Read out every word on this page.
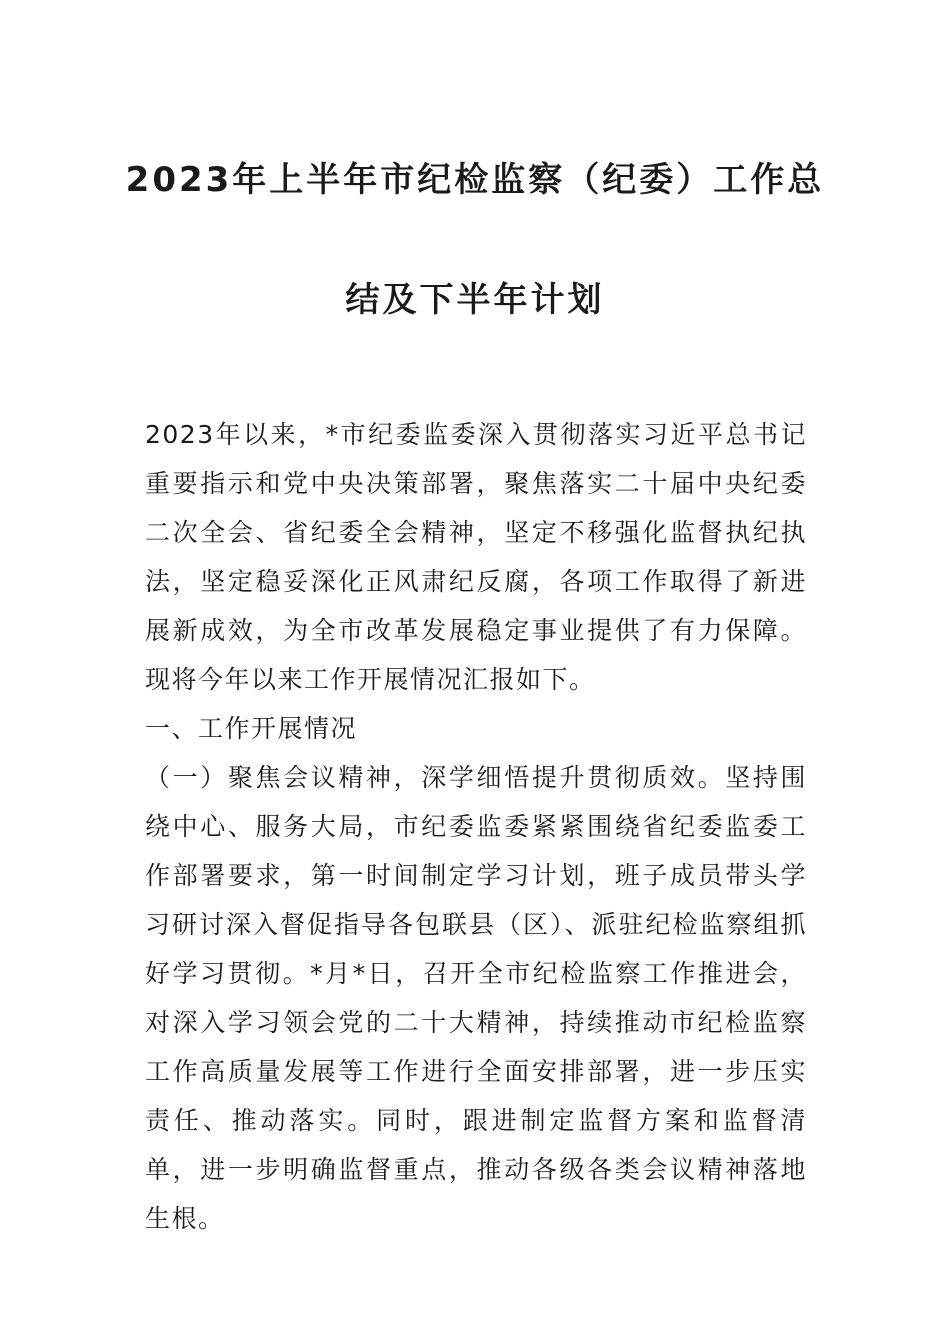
2023年上半年市纪检监察（纪委）工作总
结及下半年计划

2023年以来，*市纪委监委深入贯彻落实习近平总书记重要指示和党中央决策部署，聚焦落实二十届中央纪委二次全会、省纪委全会精神，坚定不移强化监督执纪执法，坚定稳妥深化正风肃纪反腐，各项工作取得了新进展新成效，为全市改革发展稳定事业提供了有力保障。现将今年以来工作开展情况汇报如下。

一、工作开展情况

（一）聚焦会议精神，深学细悟提升贯彻质效。坚持围绕中心、服务大局，市纪委监委紧紧围绕省纪委监委工作部署要求，第一时间制定学习计划，班子成员带头学习研讨深入督促指导各包联县（区）、派驻纪检监察组抓好学习贯彻。*月*日，召开全市纪检监察工作推进会，对深入学习领会党的二十大精神，持续推动市纪检监察工作高质量发展等工作进行全面安排部署，进一步压实责任、推动落实。同时，跟进制定监督方案和监督清单，进一步明确监督重点，推动各级各类会议精神落地生根。
